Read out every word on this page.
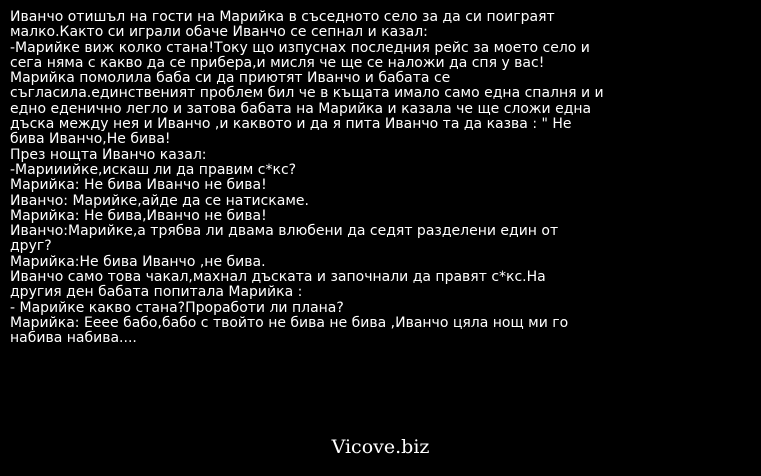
Иванчо отишъл на гости на Марийка в съседното село за да си поиграят
малко.Както си играли обаче Иванчо се сепнал и казал:
-Марийке виж колко стана!Току що изпуснах последния рейс за моето село и
сега няма с какво да се прибера,и мисля че ще се наложи да спя у вас!
Марийка помолила баба си да приютят Иванчо и бабата се
съгласила.единственият проблем бил че в къщата имало само една спалня и и
едно еденично легло и затова бабата на Марийка и казала че ще сложи една
дъска между нея и Иванчо ,и каквото и да я пита Иванчо та да казва : " Не
бива Иванчо,Не бива!
През нощта Иванчо казал:
-Марииийке,искаш ли да правим с*кс?
Марийка: Не бива Иванчо не бива!
Иванчо: Марийке,айде да се натискаме.
Марийка: Не бива,Иванчо не бива!
Иванчо:Марийке,а трябва ли двама влюбени да седят разделени един от
друг?
Марийка:Не бива Иванчо ,не бива.
Иванчо само това чакал,махнал дъската и започнали да правят с*кс.На
другия ден бабата попитала Марийка :
- Марийке какво стана?Проработи ли плана?
Марийка: Ееее бабо,бабо с твойто не бива не бива ,Иванчо цяла нощ ми го
набива набива....
Vicove.biz
